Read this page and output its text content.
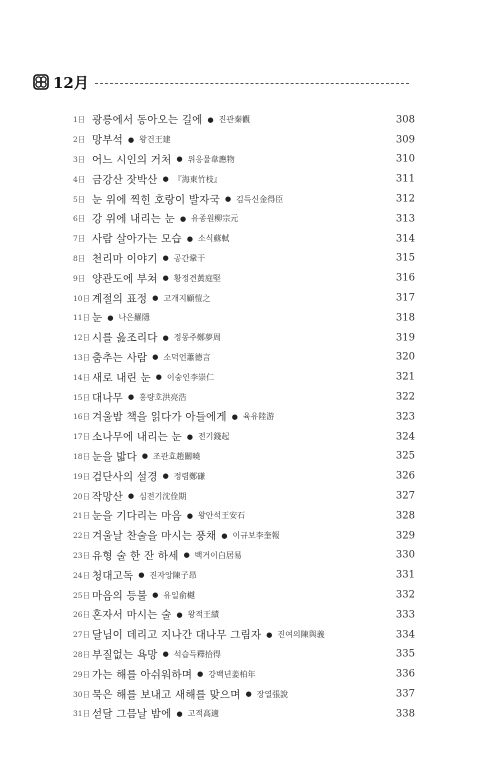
12月
1日 광릉에서 동아오는 길에 ● 진관秦觀	308
2日 망부석 ● 왕건王建	309
3日 어느 시인의 거처 ● 위응물韋應物	310
4日 금강산 잣박산 ● 『海東竹枝』	311
5日 눈 위에 찍힌 호랑이 발자국 ● 김득신金得臣	312
6日 강 위에 내리는 눈 ● 유종원柳宗元	313
7日 사람 살아가는 모습 ● 소식蘇軾	314
8日 천리마 이야기 ● 공간鞏干	315
9日 양관도에 부쳐 ● 황정견黃庭堅	316
10日 계절의 표정 ● 고개지顧愷之	317
11日 눈 ● 나은羅隱	318
12日 시를 읊조리다 ● 정몽주鄭夢周	319
13日 춤추는 사람 ● 소덕언蕭德言	320
14日 새로 내린 눈 ● 이숭인李崇仁	321
15日 대나무 ● 홍량호洪亮浩	322
16日 겨울밤 책을 읽다가 아들에게 ● 육유陸游	323
17日 소나무에 내리는 눈 ● 전기錢起	324
18日 눈을 밟다 ● 조관효趙關曉	325
19日 검단사의 설경 ● 정렴鄭磏	326
20日 작망산 ● 심전기沈佺期	327
21日 눈을 기다리는 마음 ● 왕안석王安石	328
22日 겨울날 찬술을 마시는 풍채 ● 이규보李奎報	329
23日 유형 술 한 잔 하세 ● 백거이白居易	330
24日 청대고독 ● 진자앙陳子昂	331
25日 마음의 등불 ● 유일俞樾	332
26日 혼자서 마시는 술 ● 왕적王績	333
27日 달님이 데리고 지나간 대나무 그림자 ● 진여의陳與義	334
28日 부질없는 욕망 ● 석습득釋拾得	335
29日 가는 해를 아쉬워하며 ● 강백년姜柏年	336
30日 묵은 해를 보내고 새해를 맞으며 ● 장열張說	337
31日 섣달 그믐날 밤에 ● 고적高適	338
